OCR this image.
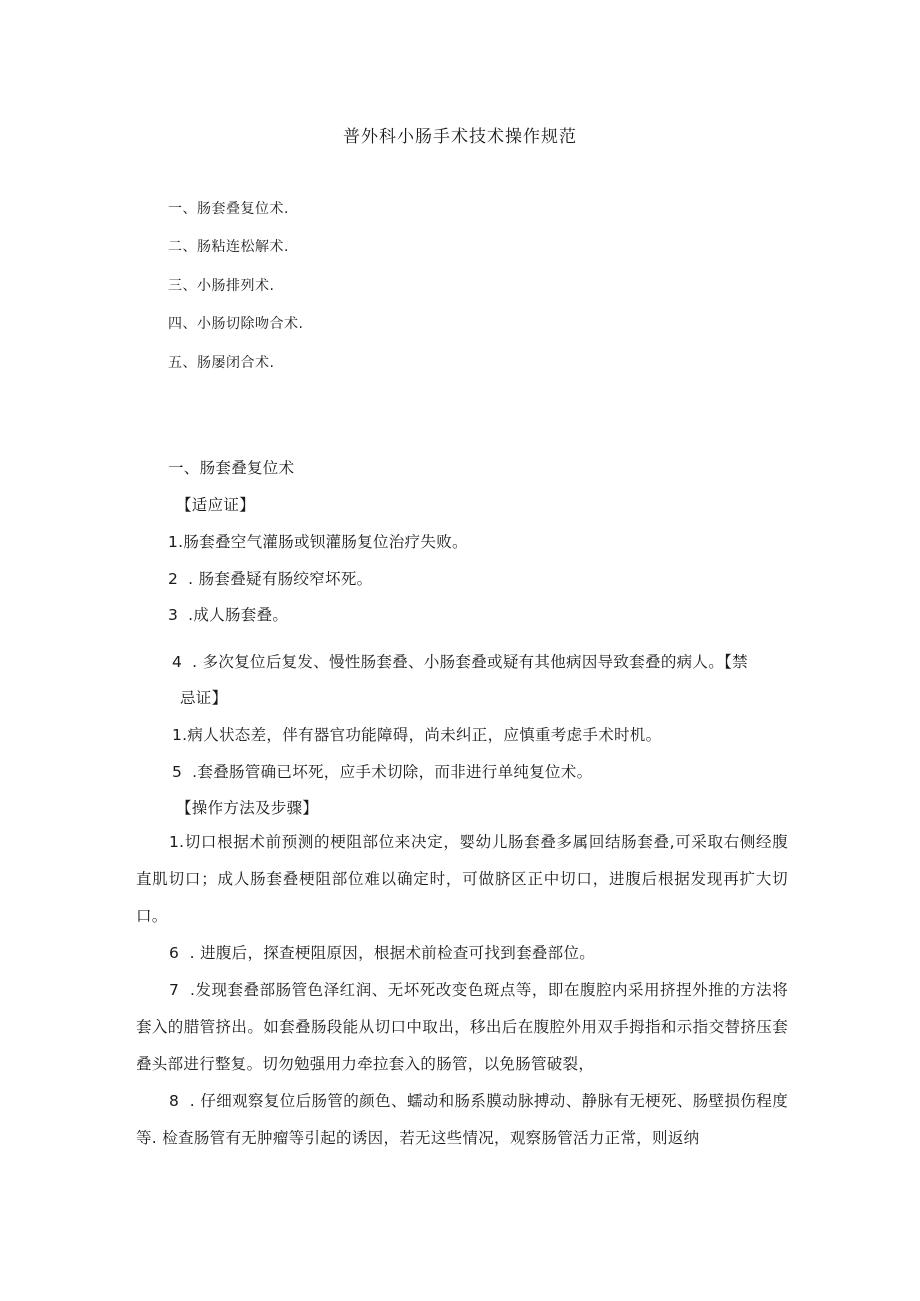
普外科小肠手术技术操作规范
一、肠套叠复位术.
二、肠粘连松解术.
三、小肠排列术.
四、小肠切除吻合术.
五、肠屡闭合术.
一、肠套叠复位术
【适应证】
1.肠套叠空气灌肠或钡灌肠复位治疗失败。
2 . 肠套叠疑有肠绞窄坏死。
3 .成人肠套叠。
4 . 多次复位后复发、慢性肠套叠、小肠套叠或疑有其他病因导致套叠的病人。【禁
忌证】
1.病人状态差，伴有器官功能障碍，尚未纠正，应慎重考虑手术时机。
5 .套叠肠管确已坏死，应手术切除，而非进行单纯复位术。
【操作方法及步骤】
1.切口根据术前预测的梗阻部位来决定，婴幼儿肠套叠多属回结肠套叠,可采取右侧经腹直肌切口；成人肠套叠梗阻部位难以确定时，可做脐区正中切口，进腹后根据发现再扩大切口。
6  . 进腹后，探查梗阻原因，根据术前检查可找到套叠部位。
7  .发现套叠部肠管色泽红润、无坏死改变色斑点等，即在腹腔内采用挤捏外推的方法将套入的腊管挤出。如套叠肠段能从切口中取出，移出后在腹腔外用双手拇指和示指交替挤压套叠头部进行整复。切勿勉强用力牵拉套入的肠管，以免肠管破裂，
8  . 仔细观察复位后肠管的颜色、蠕动和肠系膜动脉搏动、静脉有无梗死、肠壁损伤程度等. 检查肠管有无肿瘤等引起的诱因，若无这些情况，观察肠管活力正常，则返纳
